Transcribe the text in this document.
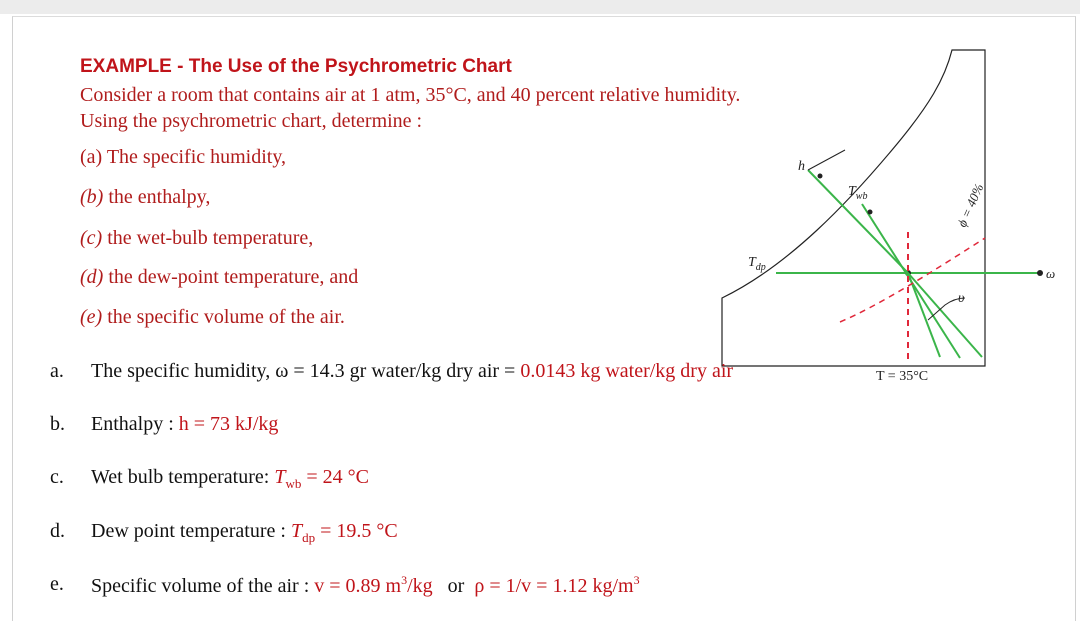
EXAMPLE - The Use of the Psychrometric Chart
Consider a room that contains air at 1 atm, 35°C, and 40 percent relative humidity.
Using the psychrometric chart, determine :
(a) The specific humidity,
(b) the enthalpy,
(c) the wet-bulb temperature,
(d) the dew-point temperature, and
(e) the specific volume of the air.
h
$T_{wb}$
$T_{dp}$
ϕ = 40%
ω
υ
T = 35°C
a. The specific humidity, ω = 14.3 gr water/kg dry air = 0.0143 kg water/kg dry air
b. Enthalpy : h = 73 kJ/kg
c. Wet bulb temperature: $T_{wb} = 24$ °C
d. Dew point temperature : $T_{dp} = 19.5$ °C
e. Specific volume of the air : v = 0.89 $m^3/kg$   or  ρ = 1/v = 1.12 $kg/m^3$
